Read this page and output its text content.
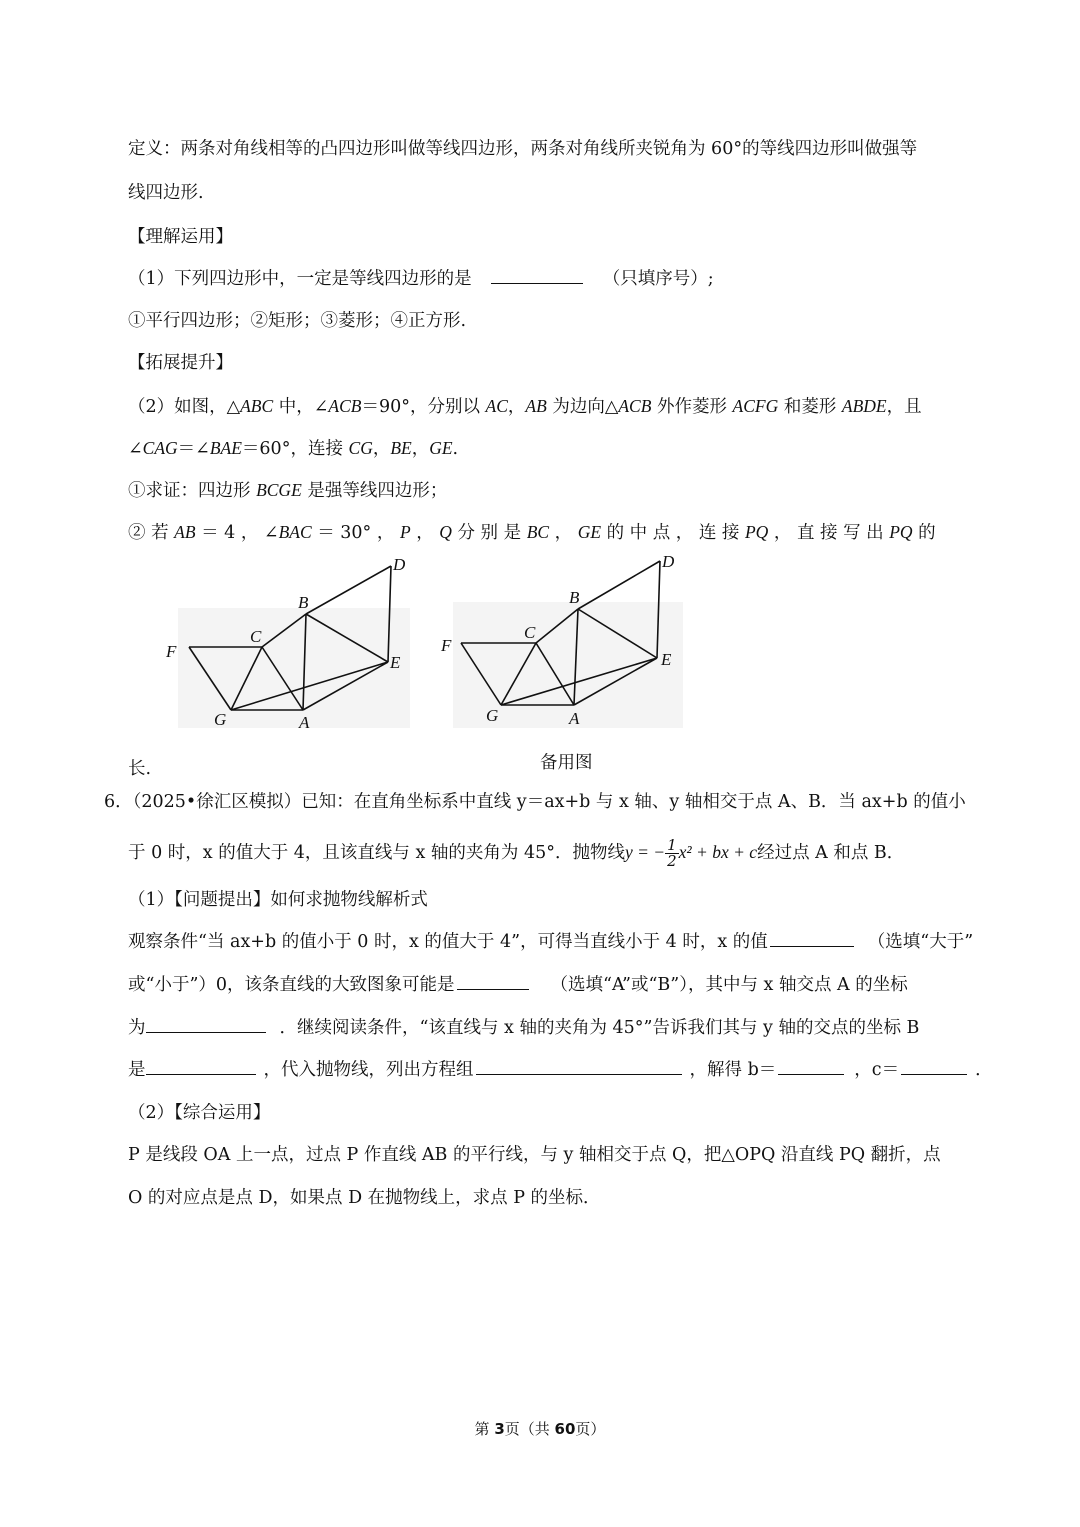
定义：两条对角线相等的凸四边形叫做等线四边形，两条对角线所夹锐角为 60°的等线四边形叫做强等
线四边形.
【理解运用】
（1）下列四边形中，一定是等线四边形的是	（只填序号）;
①平行四边形；②矩形；③菱形；④正方形.
【拓展提升】
（2）如图，△ABC 中，∠ACB＝90°，分别以 AC，AB 为边向△ACB 外作菱形 ACFG 和菱形 ABDE，且
∠CAG＝∠BAE＝60°，连接 CG，BE，GE.
①求证：四边形 BCGE 是强等线四边形；
② 若 AB ＝ 4 ， ∠BAC ＝ 30° ， P ， Q 分 别 是 BC ， GE 的 中 点 ， 连 接 PQ ， 直 接 写 出 PQ 的
D
B
C
F
E
G	A
D
B
C
F
E
G	A
长.	备用图
6．（2025•徐汇区模拟）已知：在直角坐标系中直线 y＝ax+b 与 x 轴、y 轴相交于点 A、B．当 ax+b 的值小
于 0 时，x 的值大于 4，且该直线与 x 轴的夹角为 45°．抛物线y = − $\frac{1}{2} x^2$ + bx + c经过点 A 和点 B．
（1）【问题提出】如何求抛物线解析式
观察条件“当 ax+b 的值小于 0 时，x 的值大于 4”，可得当直线小于 4 时，x 的值	（选填“大于”
或“小于”）0，该条直线的大致图象可能是	（选填“A”或“B”），其中与 x 轴交点 A 的坐标
为	．继续阅读条件，“该直线与 x 轴的夹角为 45°”告诉我们其与 y 轴的交点的坐标 B
是	，代入抛物线，列出方程组	，解得 b＝	，c＝	．
（2）【综合运用】
P 是线段 OA 上一点，过点 P 作直线 AB 的平行线，与 y 轴相交于点 Q，把△OPQ 沿直线 PQ 翻折，点
O 的对应点是点 D，如果点 D 在抛物线上，求点 P 的坐标．
第 3页（共 60页）
